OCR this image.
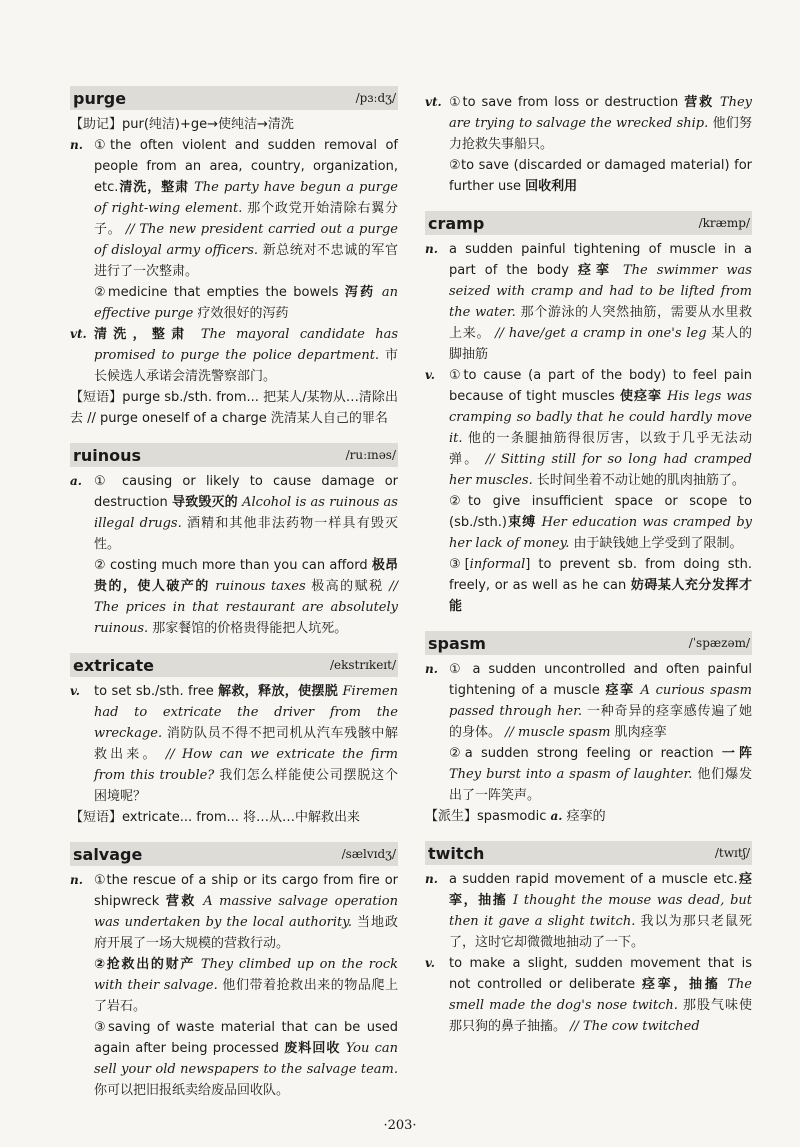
purge	/pɜːdʒ/
【助记】pur(纯洁)+ge→使纯洁→清洗
n. ①the often violent and sudden removal of people from an area, country, organization, etc.清洗，整肃 The party have begun a purge of right-wing element. 那个政党开始清除右翼分子。 // The new president carried out a purge of disloyal army officers. 新总统对不忠诚的军官进行了一次整肃。
②medicine that empties the bowels 泻药 an effective purge 疗效很好的泻药
vt. 清洗，整肃 The mayoral candidate has promised to purge the police department. 市长候选人承诺会清洗警察部门。
【短语】purge sb./sth. from... 把某人/某物从…清除出去 // purge oneself of a charge 洗清某人自己的罪名
ruinous	/ruːɪnəs/
a. ① causing or likely to cause damage or destruction 导致毁灭的 Alcohol is as ruinous as illegal drugs. 酒精和其他非法药物一样具有毁灭性。
② costing much more than you can afford 极昂贵的，使人破产的 ruinous taxes 极高的赋税 // The prices in that restaurant are absolutely ruinous. 那家餐馆的价格贵得能把人坑死。
extricate	/ekstrɪkeɪt/
v.	to set sb./sth. free 解救，释放，使摆脱 Firemen had to extricate the driver from the wreckage. 消防队员不得不把司机从汽车残骸中解救出来。 // How can we extricate the firm from this trouble? 我们怎么样能使公司摆脱这个困境呢？
【短语】extricate... from... 将…从…中解救出来
salvage	/sælvɪdʒ/
n. ①the rescue of a ship or its cargo from fire or shipwreck 营救 A massive salvage operation was undertaken by the local authority. 当地政府开展了一场大规模的营救行动。
②抢救出的财产 They climbed up on the rock with their salvage. 他们带着抢救出来的物品爬上了岩石。
③saving of waste material that can be used again after being processed 废料回收 You can sell your old newspapers to the salvage team. 你可以把旧报纸卖给废品回收队。
vt. ①to save from loss or destruction 营救 They are trying to salvage the wrecked ship. 他们努力抢救失事船只。
②to save (discarded or damaged material) for further use 回收利用
cramp	/kræmp/
n. a sudden painful tightening of muscle in a part of the body 痉挛 The swimmer was seized with cramp and had to be lifted from the water. 那个游泳的人突然抽筋，需要从水里救上来。 // have/get a cramp in one's leg 某人的脚抽筋
v.	①to cause (a part of the body) to feel pain because of tight muscles 使痉挛 His legs was cramping so badly that he could hardly move it. 他的一条腿抽筋得很厉害，以致于几乎无法动弹。 // Sitting still for so long had cramped her muscles. 长时间坐着不动让她的肌肉抽筋了。
②to give insufficient space or scope to (sb./sth.)束缚 Her education was cramped by her lack of money. 由于缺钱她上学受到了限制。
③[informal] to prevent sb. from doing sth. freely, or as well as he can 妨碍某人充分发挥才能
spasm	/ˈspæzəm/
n. ① a sudden uncontrolled and often painful tightening of a muscle 痉挛 A curious spasm passed through her. 一种奇异的痉挛感传遍了她的身体。 // muscle spasm 肌肉痉挛
②a sudden strong feeling or reaction 一阵 They burst into a spasm of laughter. 他们爆发出了一阵笑声。
【派生】spasmodic a. 痉挛的
twitch	/twɪtʃ/
n. a sudden rapid movement of a muscle etc.痉挛，抽搐 I thought the mouse was dead, but then it gave a slight twitch. 我以为那只老鼠死了，这时它却微微地抽动了一下。
v.	to make a slight, sudden movement that is not controlled or deliberate 痉挛，抽搐 The smell made the dog's nose twitch. 那股气味使那只狗的鼻子抽搐。 // The cow twitched
·203·
